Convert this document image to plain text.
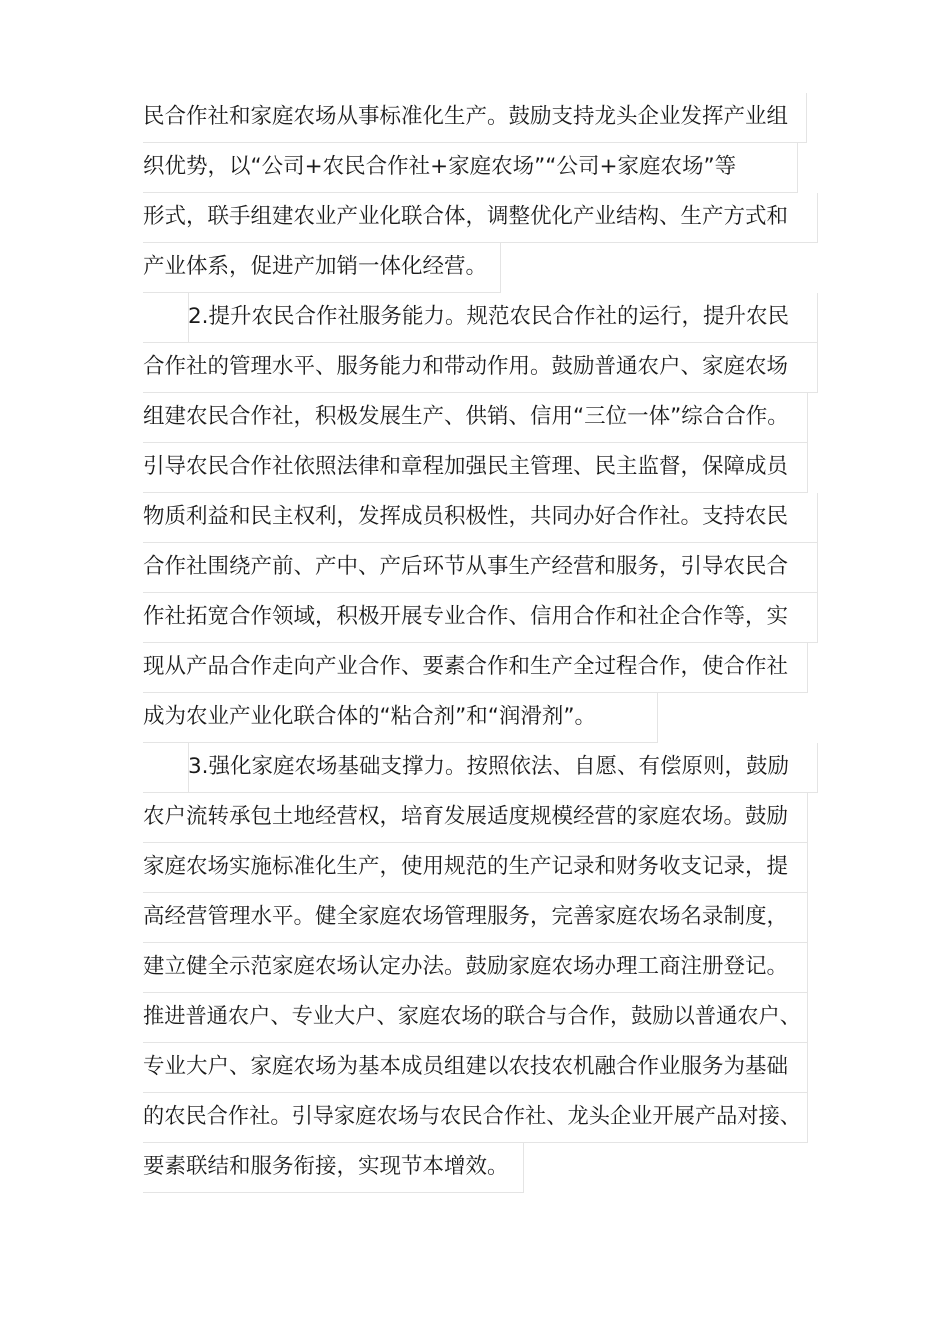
民合作社和家庭农场从事标准化生产。鼓励支持龙头企业发挥产业组
织优势，以“公司+农民合作社+家庭农场”“公司+家庭农场”等
形式，联手组建农业产业化联合体，调整优化产业结构、生产方式和
产业体系，促进产加销一体化经营。
2.提升农民合作社服务能力。规范农民合作社的运行，提升农民
合作社的管理水平、服务能力和带动作用。鼓励普通农户、家庭农场
组建农民合作社，积极发展生产、供销、信用“三位一体”综合合作。
引导农民合作社依照法律和章程加强民主管理、民主监督，保障成员
物质利益和民主权利，发挥成员积极性，共同办好合作社。支持农民
合作社围绕产前、产中、产后环节从事生产经营和服务，引导农民合
作社拓宽合作领域，积极开展专业合作、信用合作和社企合作等，实
现从产品合作走向产业合作、要素合作和生产全过程合作，使合作社
成为农业产业化联合体的“粘合剂”和“润滑剂”。
3.强化家庭农场基础支撑力。按照依法、自愿、有偿原则，鼓励
农户流转承包土地经营权，培育发展适度规模经营的家庭农场。鼓励
家庭农场实施标准化生产，使用规范的生产记录和财务收支记录，提
高经营管理水平。健全家庭农场管理服务，完善家庭农场名录制度，
建立健全示范家庭农场认定办法。鼓励家庭农场办理工商注册登记。
推进普通农户、专业大户、家庭农场的联合与合作，鼓励以普通农户、
专业大户、家庭农场为基本成员组建以农技农机融合作业服务为基础
的农民合作社。引导家庭农场与农民合作社、龙头企业开展产品对接、
要素联结和服务衔接，实现节本增效。
